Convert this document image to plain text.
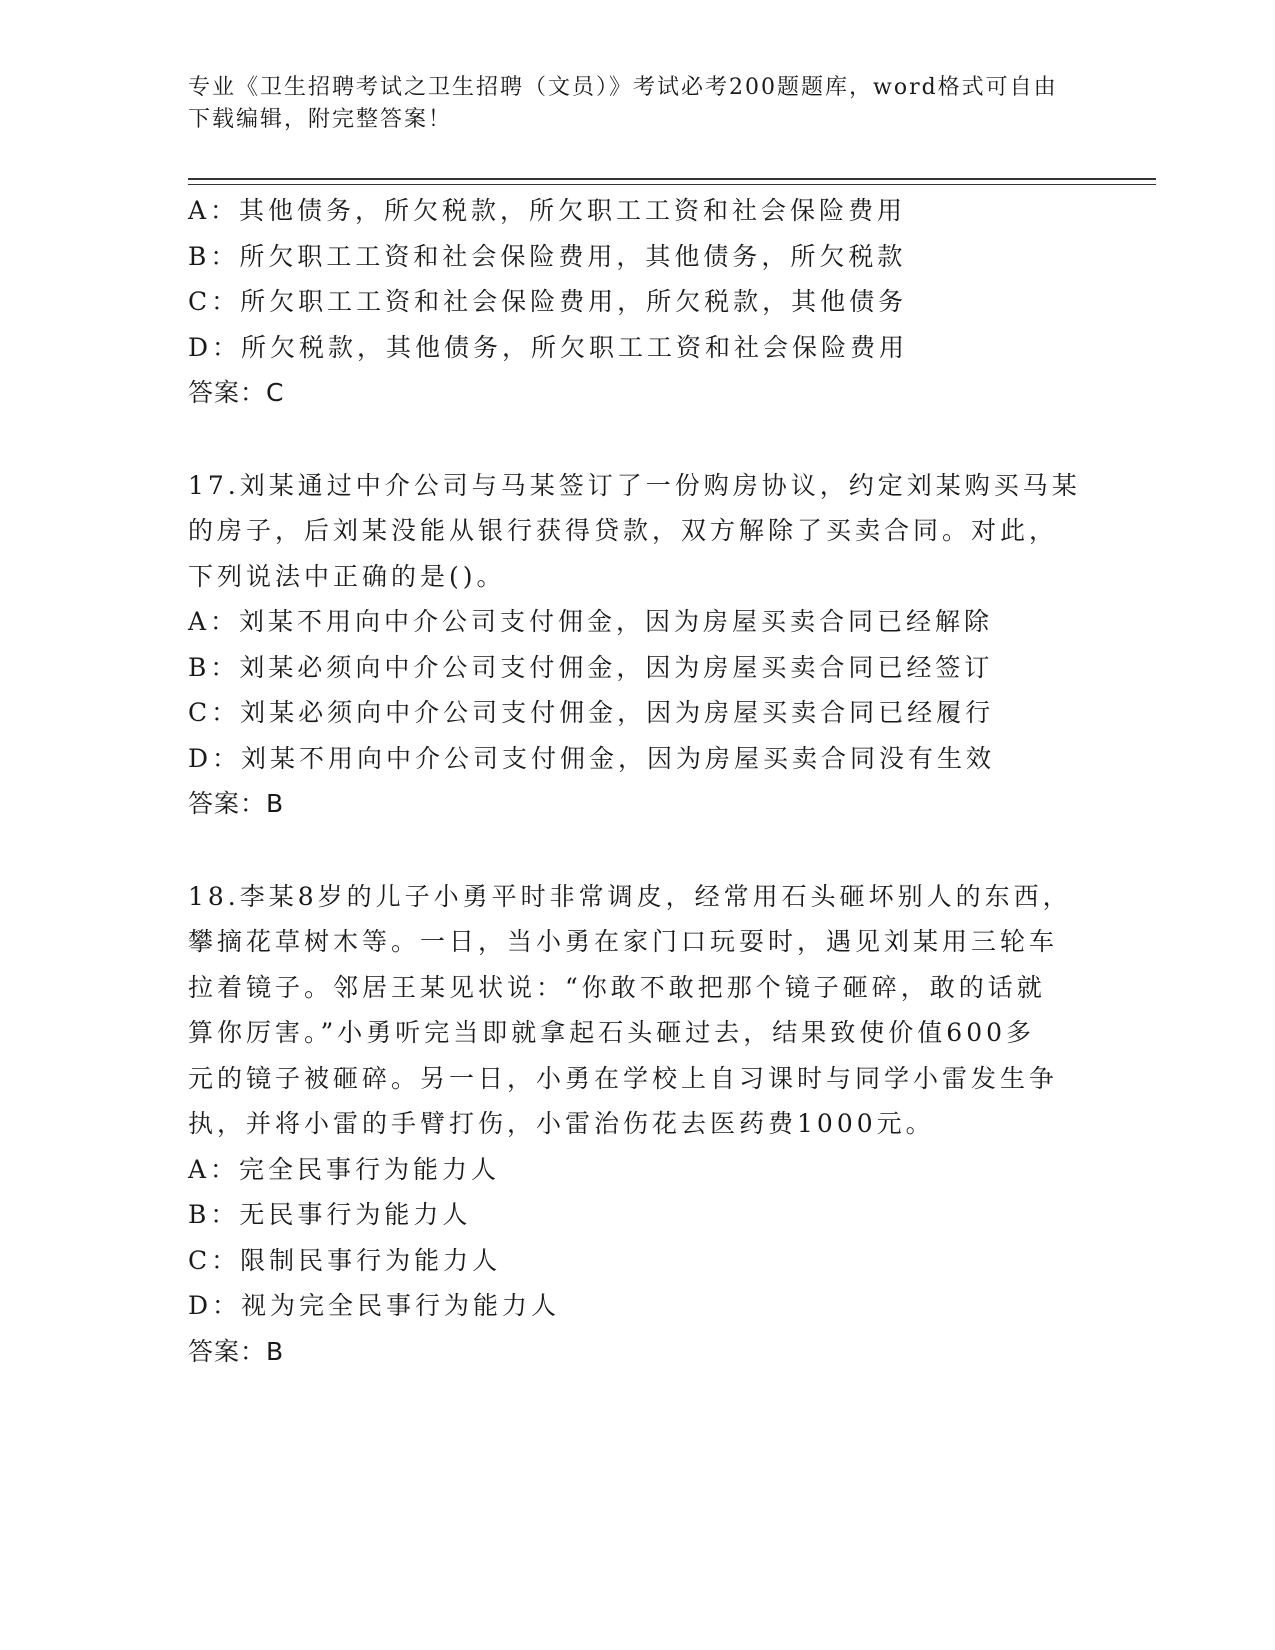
专业《卫生招聘考试之卫生招聘（文员）》考试必考200题题库，word格式可自由下载编辑，附完整答案！
A：其他债务，所欠税款，所欠职工工资和社会保险费用
B：所欠职工工资和社会保险费用，其他债务，所欠税款
C：所欠职工工资和社会保险费用，所欠税款，其他债务
D：所欠税款，其他债务，所欠职工工资和社会保险费用
答案：C
17.刘某通过中介公司与马某签订了一份购房协议，约定刘某购买马某
的房子，后刘某没能从银行获得贷款，双方解除了买卖合同。对此，
下列说法中正确的是()。
A：刘某不用向中介公司支付佣金，因为房屋买卖合同已经解除
B：刘某必须向中介公司支付佣金，因为房屋买卖合同已经签订
C：刘某必须向中介公司支付佣金，因为房屋买卖合同已经履行
D：刘某不用向中介公司支付佣金，因为房屋买卖合同没有生效
答案：B
18.李某8岁的儿子小勇平时非常调皮，经常用石头砸坏别人的东西，
攀摘花草树木等。一日，当小勇在家门口玩耍时，遇见刘某用三轮车
拉着镜子。邻居王某见状说：“你敢不敢把那个镜子砸碎，敢的话就
算你厉害。”小勇听完当即就拿起石头砸过去，结果致使价值600多
元的镜子被砸碎。另一日，小勇在学校上自习课时与同学小雷发生争
执，并将小雷的手臂打伤，小雷治伤花去医药费1000元。
A：完全民事行为能力人
B：无民事行为能力人
C：限制民事行为能力人
D：视为完全民事行为能力人
答案：B
